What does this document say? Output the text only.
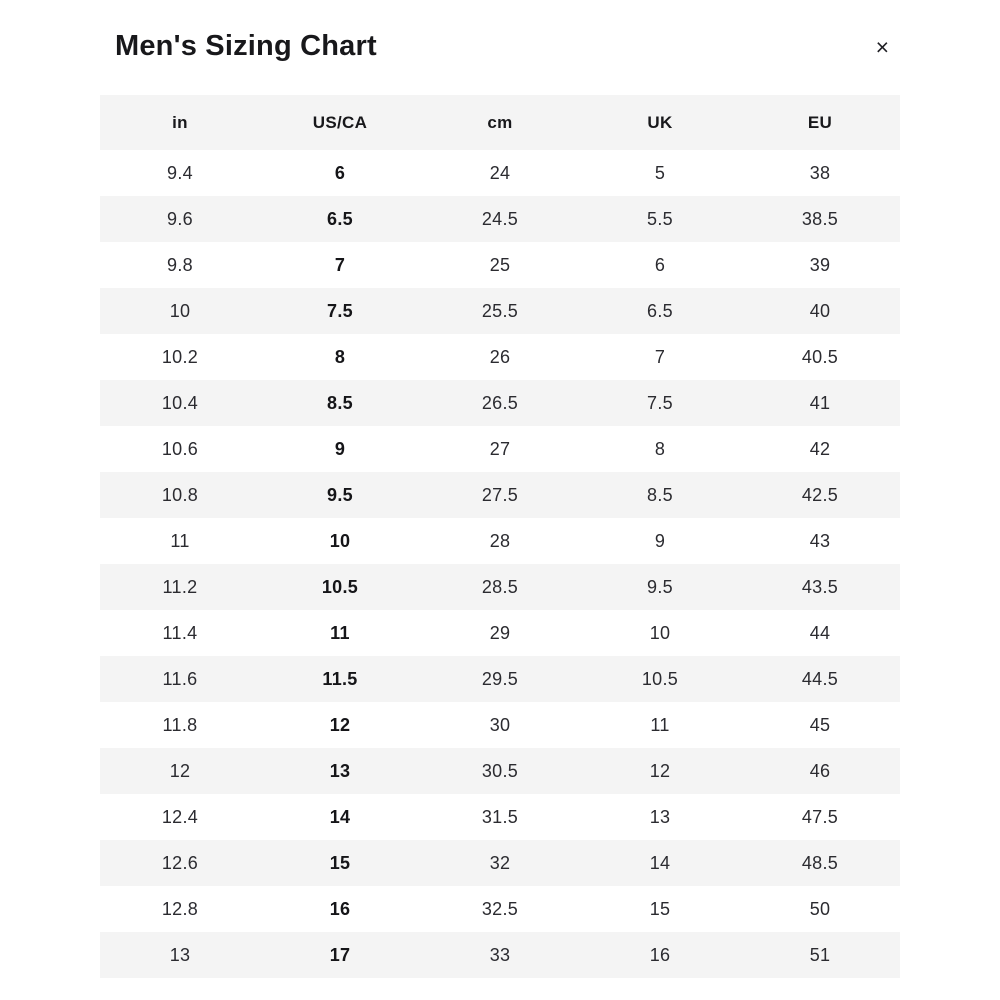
Men's Sizing Chart	×
in	US/CA	cm	UK	EU
9.4	6	24	5	38
9.6	6.5	24.5	5.5	38.5
9.8	7	25	6	39
10	7.5	25.5	6.5	40
10.2	8	26	7	40.5
10.4	8.5	26.5	7.5	41
10.6	9	27	8	42
10.8	9.5	27.5	8.5	42.5
11	10	28	9	43
11.2	10.5	28.5	9.5	43.5
11.4	11	29	10	44
11.6	11.5	29.5	10.5	44.5
11.8	12	30	11	45
12	13	30.5	12	46
12.4	14	31.5	13	47.5
12.6	15	32	14	48.5
12.8	16	32.5	15	50
13	17	33	16	51
